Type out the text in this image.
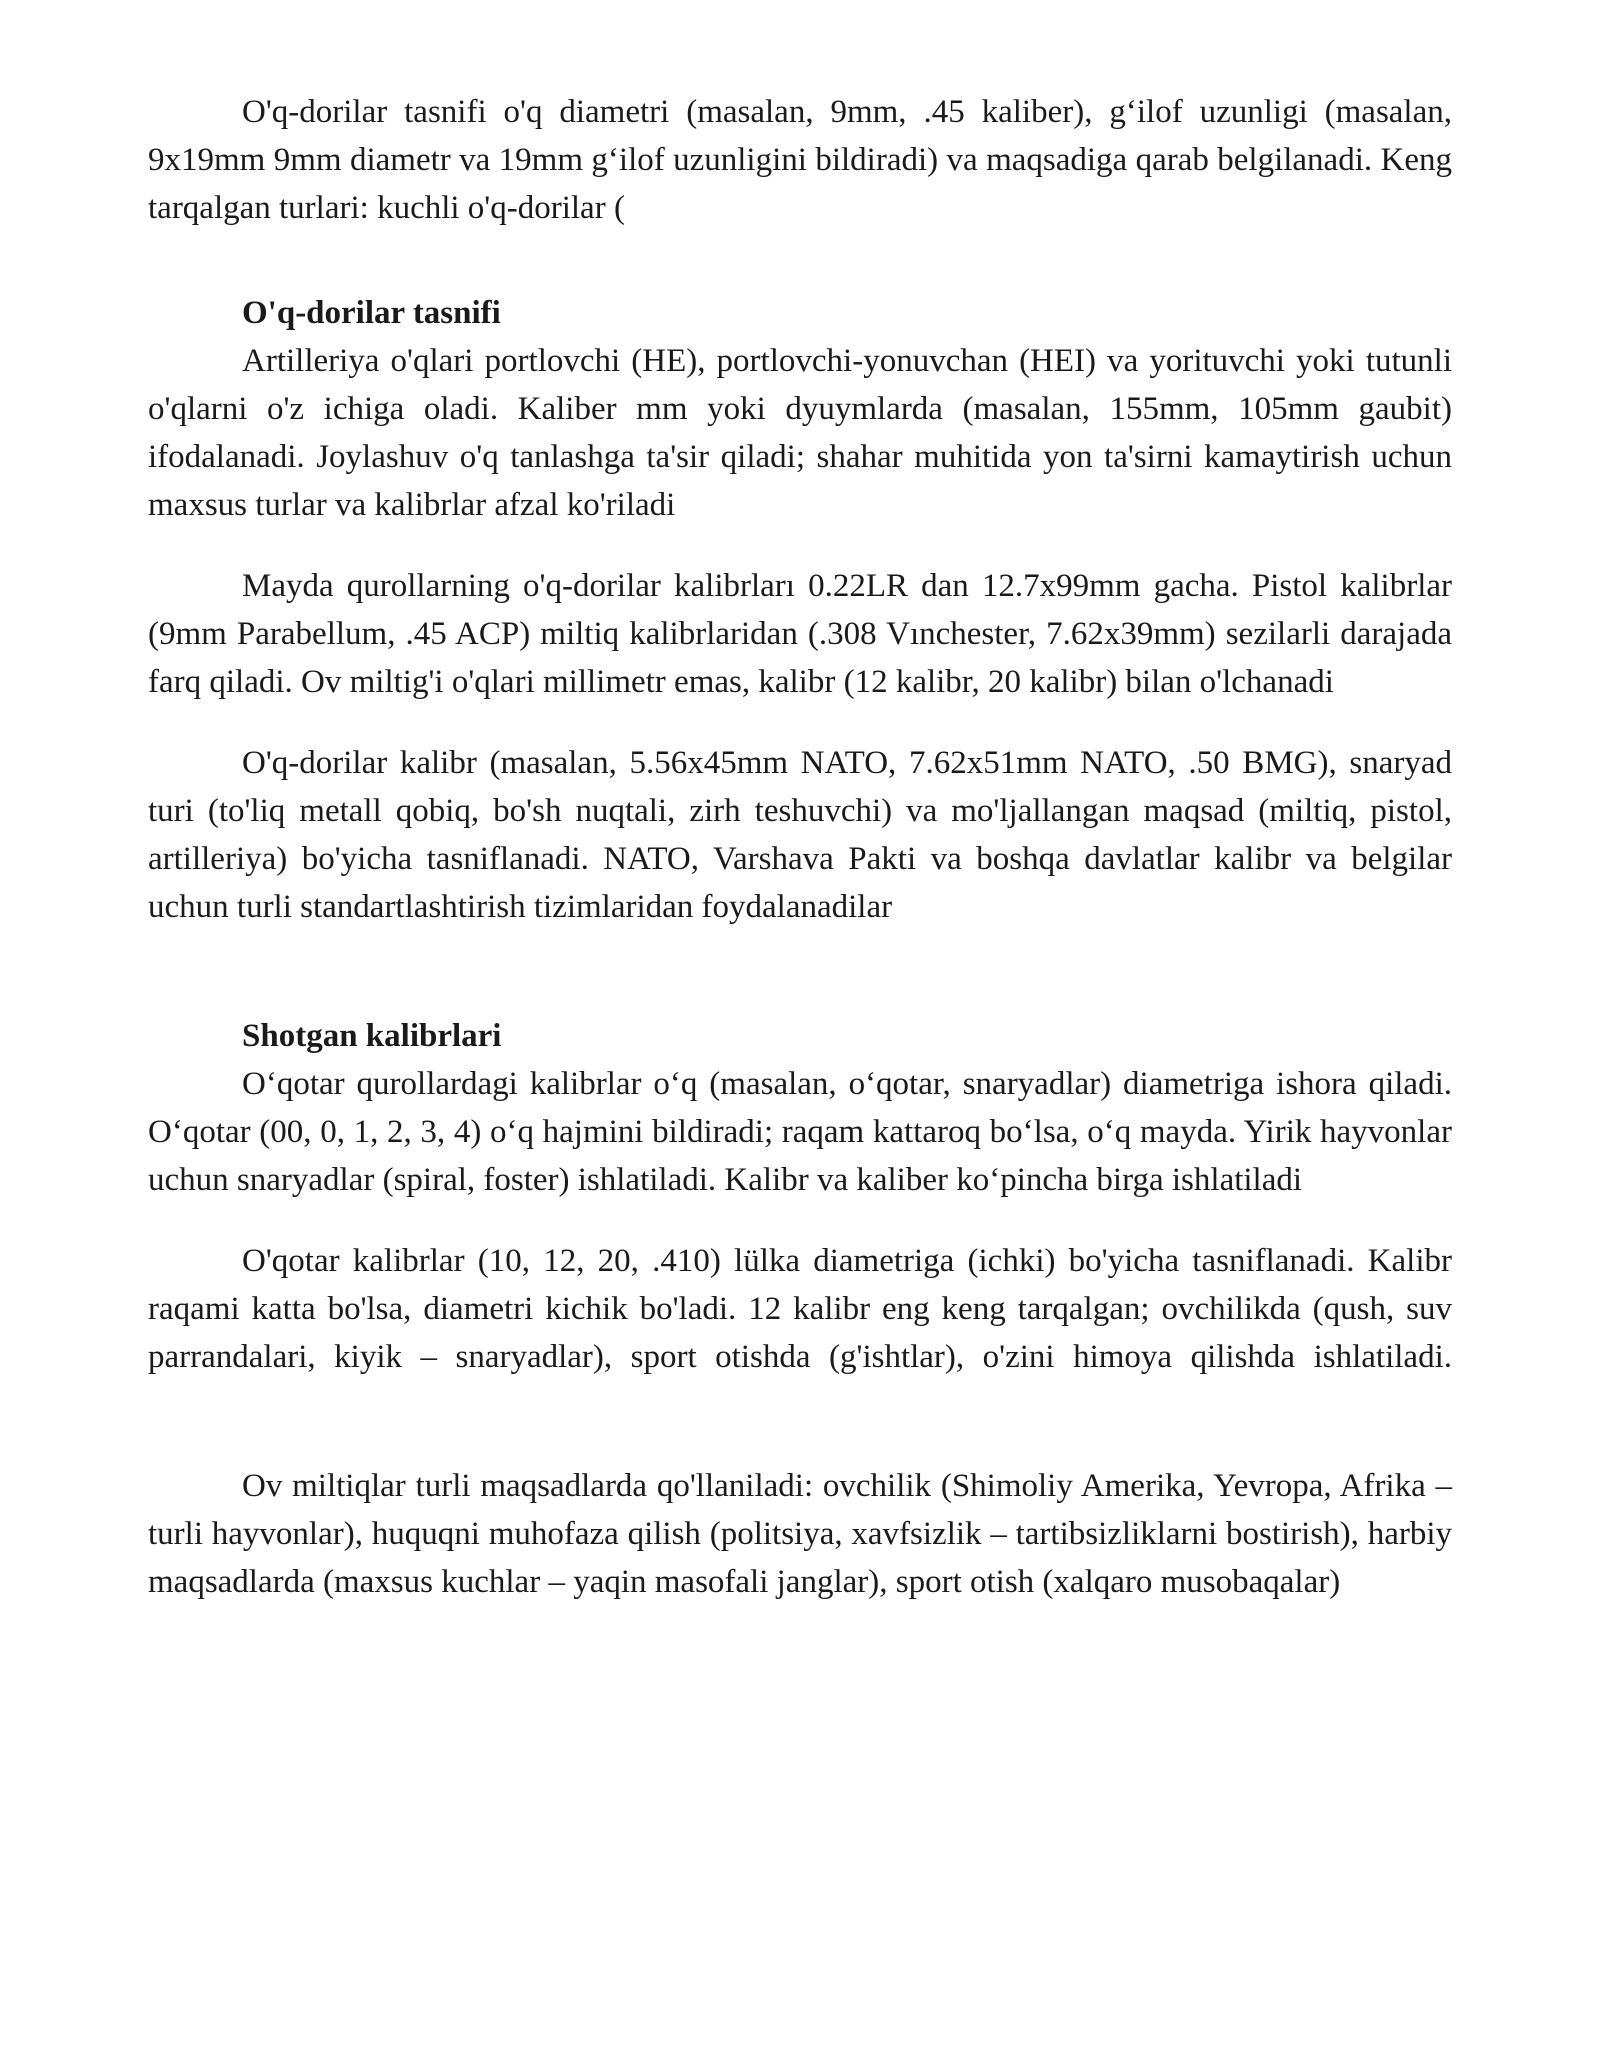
O'q-dorilar tasnifi o'q diametri (masalan, 9mm, .45 kaliber), gʻilof uzunligi (masalan, 9x19mm 9mm diametr va 19mm gʻilof uzunligini bildiradi) va maqsadiga qarab belgilanadi. Keng tarqalgan turlari: kuchli o'q-dorilar (

O'q-dorilar tasnifi

Artilleriya o'qlari portlovchi (HE), portlovchi-yonuvchan (HEI) va yorituvchi yoki tutunli o'qlarni o'z ichiga oladi. Kaliber mm yoki dyuymlarda (masalan, 155mm, 105mm gaubit) ifodalanadi. Joylashuv o'q tanlashga ta'sir qiladi; shahar muhitida yon ta'sirni kamaytirish uchun maxsus turlar va kalibrlar afzal ko'riladi

Mayda qurollarning o'q-dorilar kalibrları 0.22LR dan 12.7x99mm gacha. Pistol kalibrlar (9mm Parabellum, .45 ACP) miltiq kalibrlaridan (.308 Vınchester, 7.62x39mm) sezilarli darajada farq qiladi. Ov miltig'i o'qlari millimetr emas, kalibr (12 kalibr, 20 kalibr) bilan o'lchanadi

O'q-dorilar kalibr (masalan, 5.56x45mm NATO, 7.62x51mm NATO, .50 BMG), snaryad turi (to'liq metall qobiq, bo'sh nuqtali, zirh teshuvchi) va mo'ljallangan maqsad (miltiq, pistol, artilleriya) bo'yicha tasniflanadi. NATO, Varshava Pakti va boshqa davlatlar kalibr va belgilar uchun turli standartlashtirish tizimlaridan foydalanadilar

Shotgan kalibrlari

Oʻqotar qurollardagi kalibrlar oʻq (masalan, oʻqotar, snaryadlar) diametriga ishora qiladi. Oʻqotar (00, 0, 1, 2, 3, 4) oʻq hajmini bildiradi; raqam kattaroq boʻlsa, oʻq mayda. Yirik hayvonlar uchun snaryadlar (spiral, foster) ishlatiladi. Kalibr va kaliber koʻpincha birga ishlatiladi

O'qotar kalibrlar (10, 12, 20, .410) lülka diametriga (ichki) bo'yicha tasniflanadi. Kalibr raqami katta bo'lsa, diametri kichik bo'ladi. 12 kalibr eng keng tarqalgan; ovchilikda (qush, suv parrandalari, kiyik – snaryadlar), sport otishda (g'ishtlar), o'zini himoya qilishda ishlatiladi.

Ov miltiqlar turli maqsadlarda qo'llaniladi: ovchilik (Shimoliy Amerika, Yevropa, Afrika – turli hayvonlar), huquqni muhofaza qilish (politsiya, xavfsizlik – tartibsizliklarni bostirish), harbiy maqsadlarda (maxsus kuchlar – yaqin masofali janglar), sport otish (xalqaro musobaqalar)
